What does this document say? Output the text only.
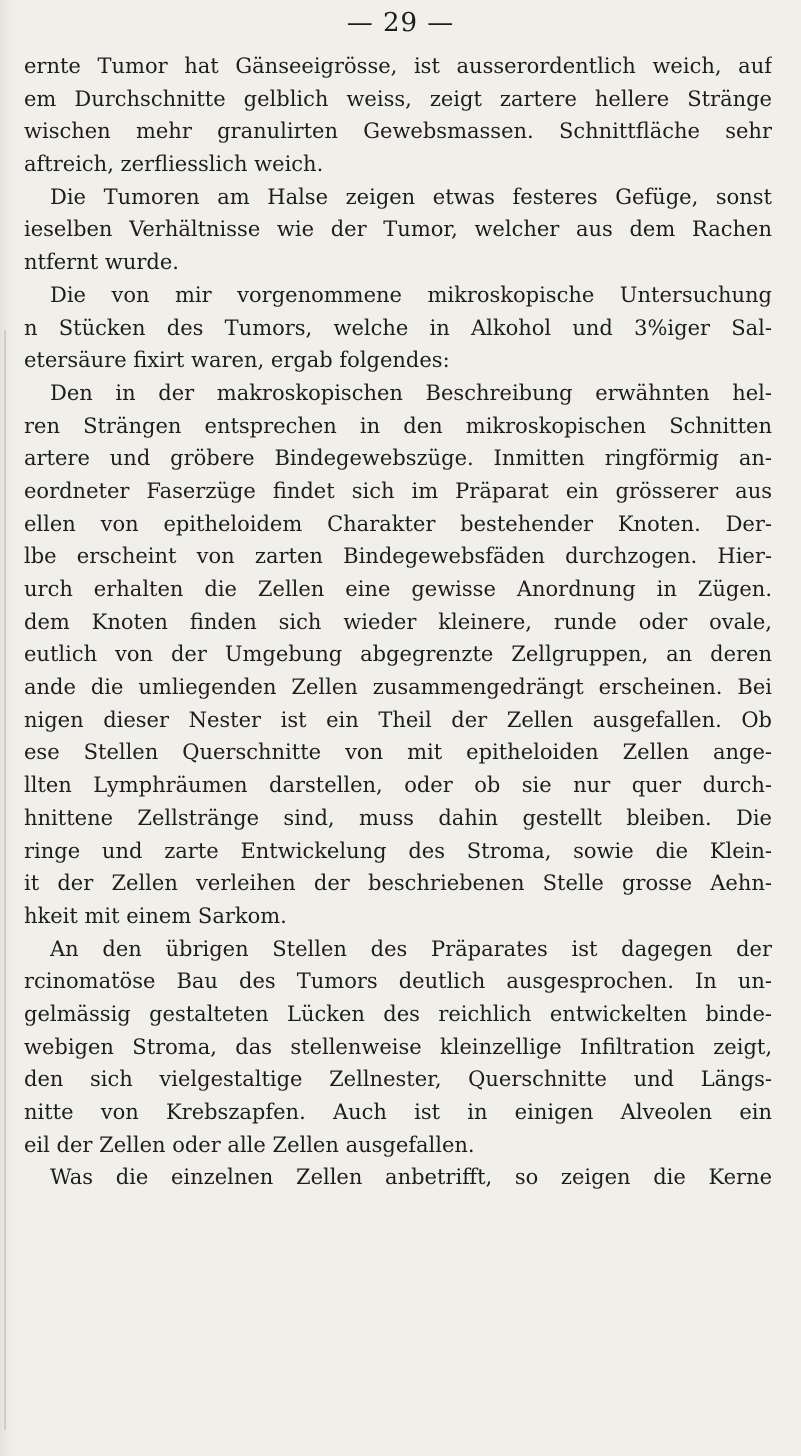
— 29 —

ernte Tumor hat Gänseeigrösse, ist ausserordentlich weich, auf
em Durchschnitte gelblich weiss, zeigt zartere hellere Stränge
wischen mehr granulirten Gewebsmassen. Schnittfläche sehr
aftreich, zerfliesslich weich.
Die Tumoren am Halse zeigen etwas festeres Gefüge, sonst
ieselben Verhältnisse wie der Tumor, welcher aus dem Rachen
ntfernt wurde.
Die von mir vorgenommene mikroskopische Untersuchung
n Stücken des Tumors, welche in Alkohol und 3%iger Sal-
etersäure fixirt waren, ergab folgendes:
Den in der makroskopischen Beschreibung erwähnten hel-
ren Strängen entsprechen in den mikroskopischen Schnitten
artere und gröbere Bindegewebszüge. Inmitten ringförmig an-
eordneter Faserzüge findet sich im Präparat ein grösserer aus
ellen von epitheloidem Charakter bestehender Knoten. Der-
lbe erscheint von zarten Bindegewebsfäden durchzogen. Hier-
urch erhalten die Zellen eine gewisse Anordnung in Zügen.
dem Knoten finden sich wieder kleinere, runde oder ovale,
eutlich von der Umgebung abgegrenzte Zellgruppen, an deren
ande die umliegenden Zellen zusammengedrängt erscheinen. Bei
nigen dieser Nester ist ein Theil der Zellen ausgefallen. Ob
ese Stellen Querschnitte von mit epitheloiden Zellen ange-
llten Lymphräumen darstellen, oder ob sie nur quer durch-
hnittene Zellstränge sind, muss dahin gestellt bleiben. Die
ringe und zarte Entwickelung des Stroma, sowie die Klein-
it der Zellen verleihen der beschriebenen Stelle grosse Aehn-
hkeit mit einem Sarkom.
An den übrigen Stellen des Präparates ist dagegen der
rcinomatöse Bau des Tumors deutlich ausgesprochen. In un-
gelmässig gestalteten Lücken des reichlich entwickelten binde-
webigen Stroma, das stellenweise kleinzellige Infiltration zeigt,
den sich vielgestaltige Zellnester, Querschnitte und Längs-
nitte von Krebszapfen. Auch ist in einigen Alveolen ein
eil der Zellen oder alle Zellen ausgefallen.
Was die einzelnen Zellen anbetrifft, so zeigen die Kerne
